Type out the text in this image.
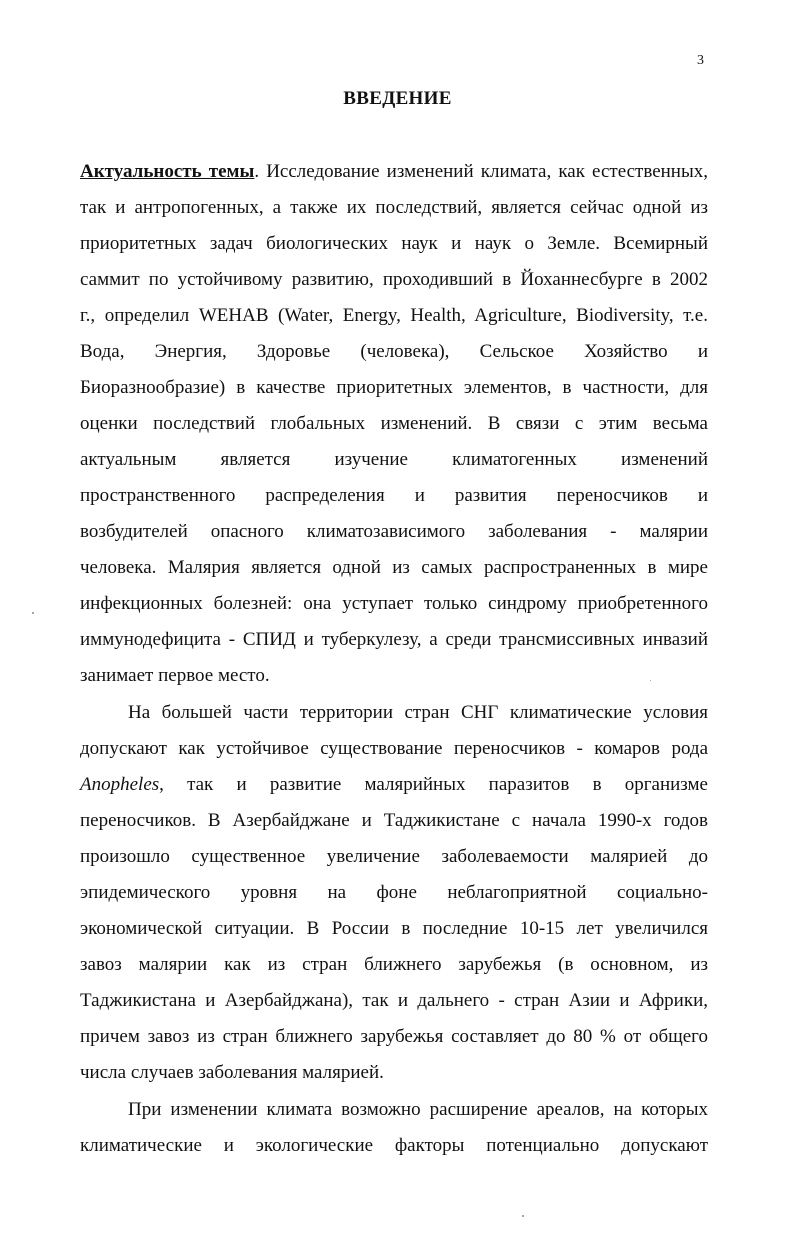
3
ВВЕДЕНИЕ
Актуальность темы. Исследование изменений климата, как естественных,
так и антропогенных, а также их последствий, является сейчас одной из
приоритетных задач биологических наук и наук о Земле. Всемирный
саммит по устойчивому развитию, проходивший в Йоханнесбурге в 2002
г., определил WEHAB (Water, Energy, Health, Agriculture, Biodiversity, т.е.
Вода, Энергия, Здоровье (человека), Сельское Хозяйство и
Биоразнообразие) в качестве приоритетных элементов, в частности, для
оценки последствий глобальных изменений. В связи с этим весьма
актуальным является изучение климатогенных изменений
пространственного распределения и развития переносчиков и
возбудителей опасного климатозависимого заболевания - малярии
человека. Малярия является одной из самых распространенных в мире
инфекционных болезней: она уступает только синдрому приобретенного
иммунодефицита - СПИД и туберкулезу, а среди трансмиссивных инвазий
занимает первое место.
На большей части территории стран СНГ климатические условия
допускают как устойчивое существование переносчиков - комаров рода
Anopheles, так и развитие малярийных паразитов в организме
переносчиков. В Азербайджане и Таджикистане с начала 1990-х годов
произошло существенное увеличение заболеваемости малярией до
эпидемического уровня на фоне неблагоприятной социально-
экономической ситуации. В России в последние 10-15 лет увеличился
завоз малярии как из стран ближнего зарубежья (в основном, из
Таджикистана и Азербайджана), так и дальнего - стран Азии и Африки,
причем завоз из стран ближнего зарубежья составляет до 80 % от общего
числа случаев заболевания малярией.
При изменении климата возможно расширение ареалов, на которых
климатические и экологические факторы потенциально допускают
